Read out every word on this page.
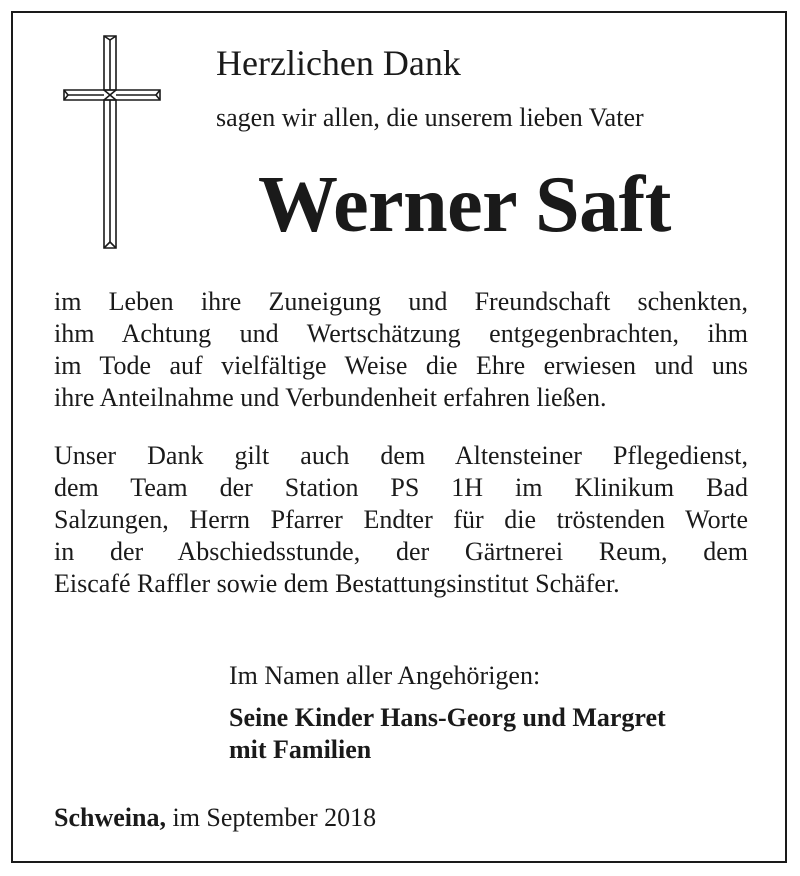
Herzlichen Dank
sagen wir allen, die unserem lieben Vater
Werner Saft
im Leben ihre Zuneigung und Freundschaft schenkten,
ihm Achtung und Wertschätzung entgegenbrachten, ihm
im Tode auf vielfältige Weise die Ehre erwiesen und uns
ihre Anteilnahme und Verbundenheit erfahren ließen.
Unser Dank gilt auch dem Altensteiner Pflegedienst,
dem Team der Station PS 1H im Klinikum Bad
Salzungen, Herrn Pfarrer Endter für die tröstenden Worte
in der Abschiedsstunde, der Gärtnerei Reum, dem
Eiscafé Raffler sowie dem Bestattungsinstitut Schäfer.
Im Namen aller Angehörigen:
Seine Kinder Hans-Georg und Margret
mit Familien
Schweina, im September 2018
